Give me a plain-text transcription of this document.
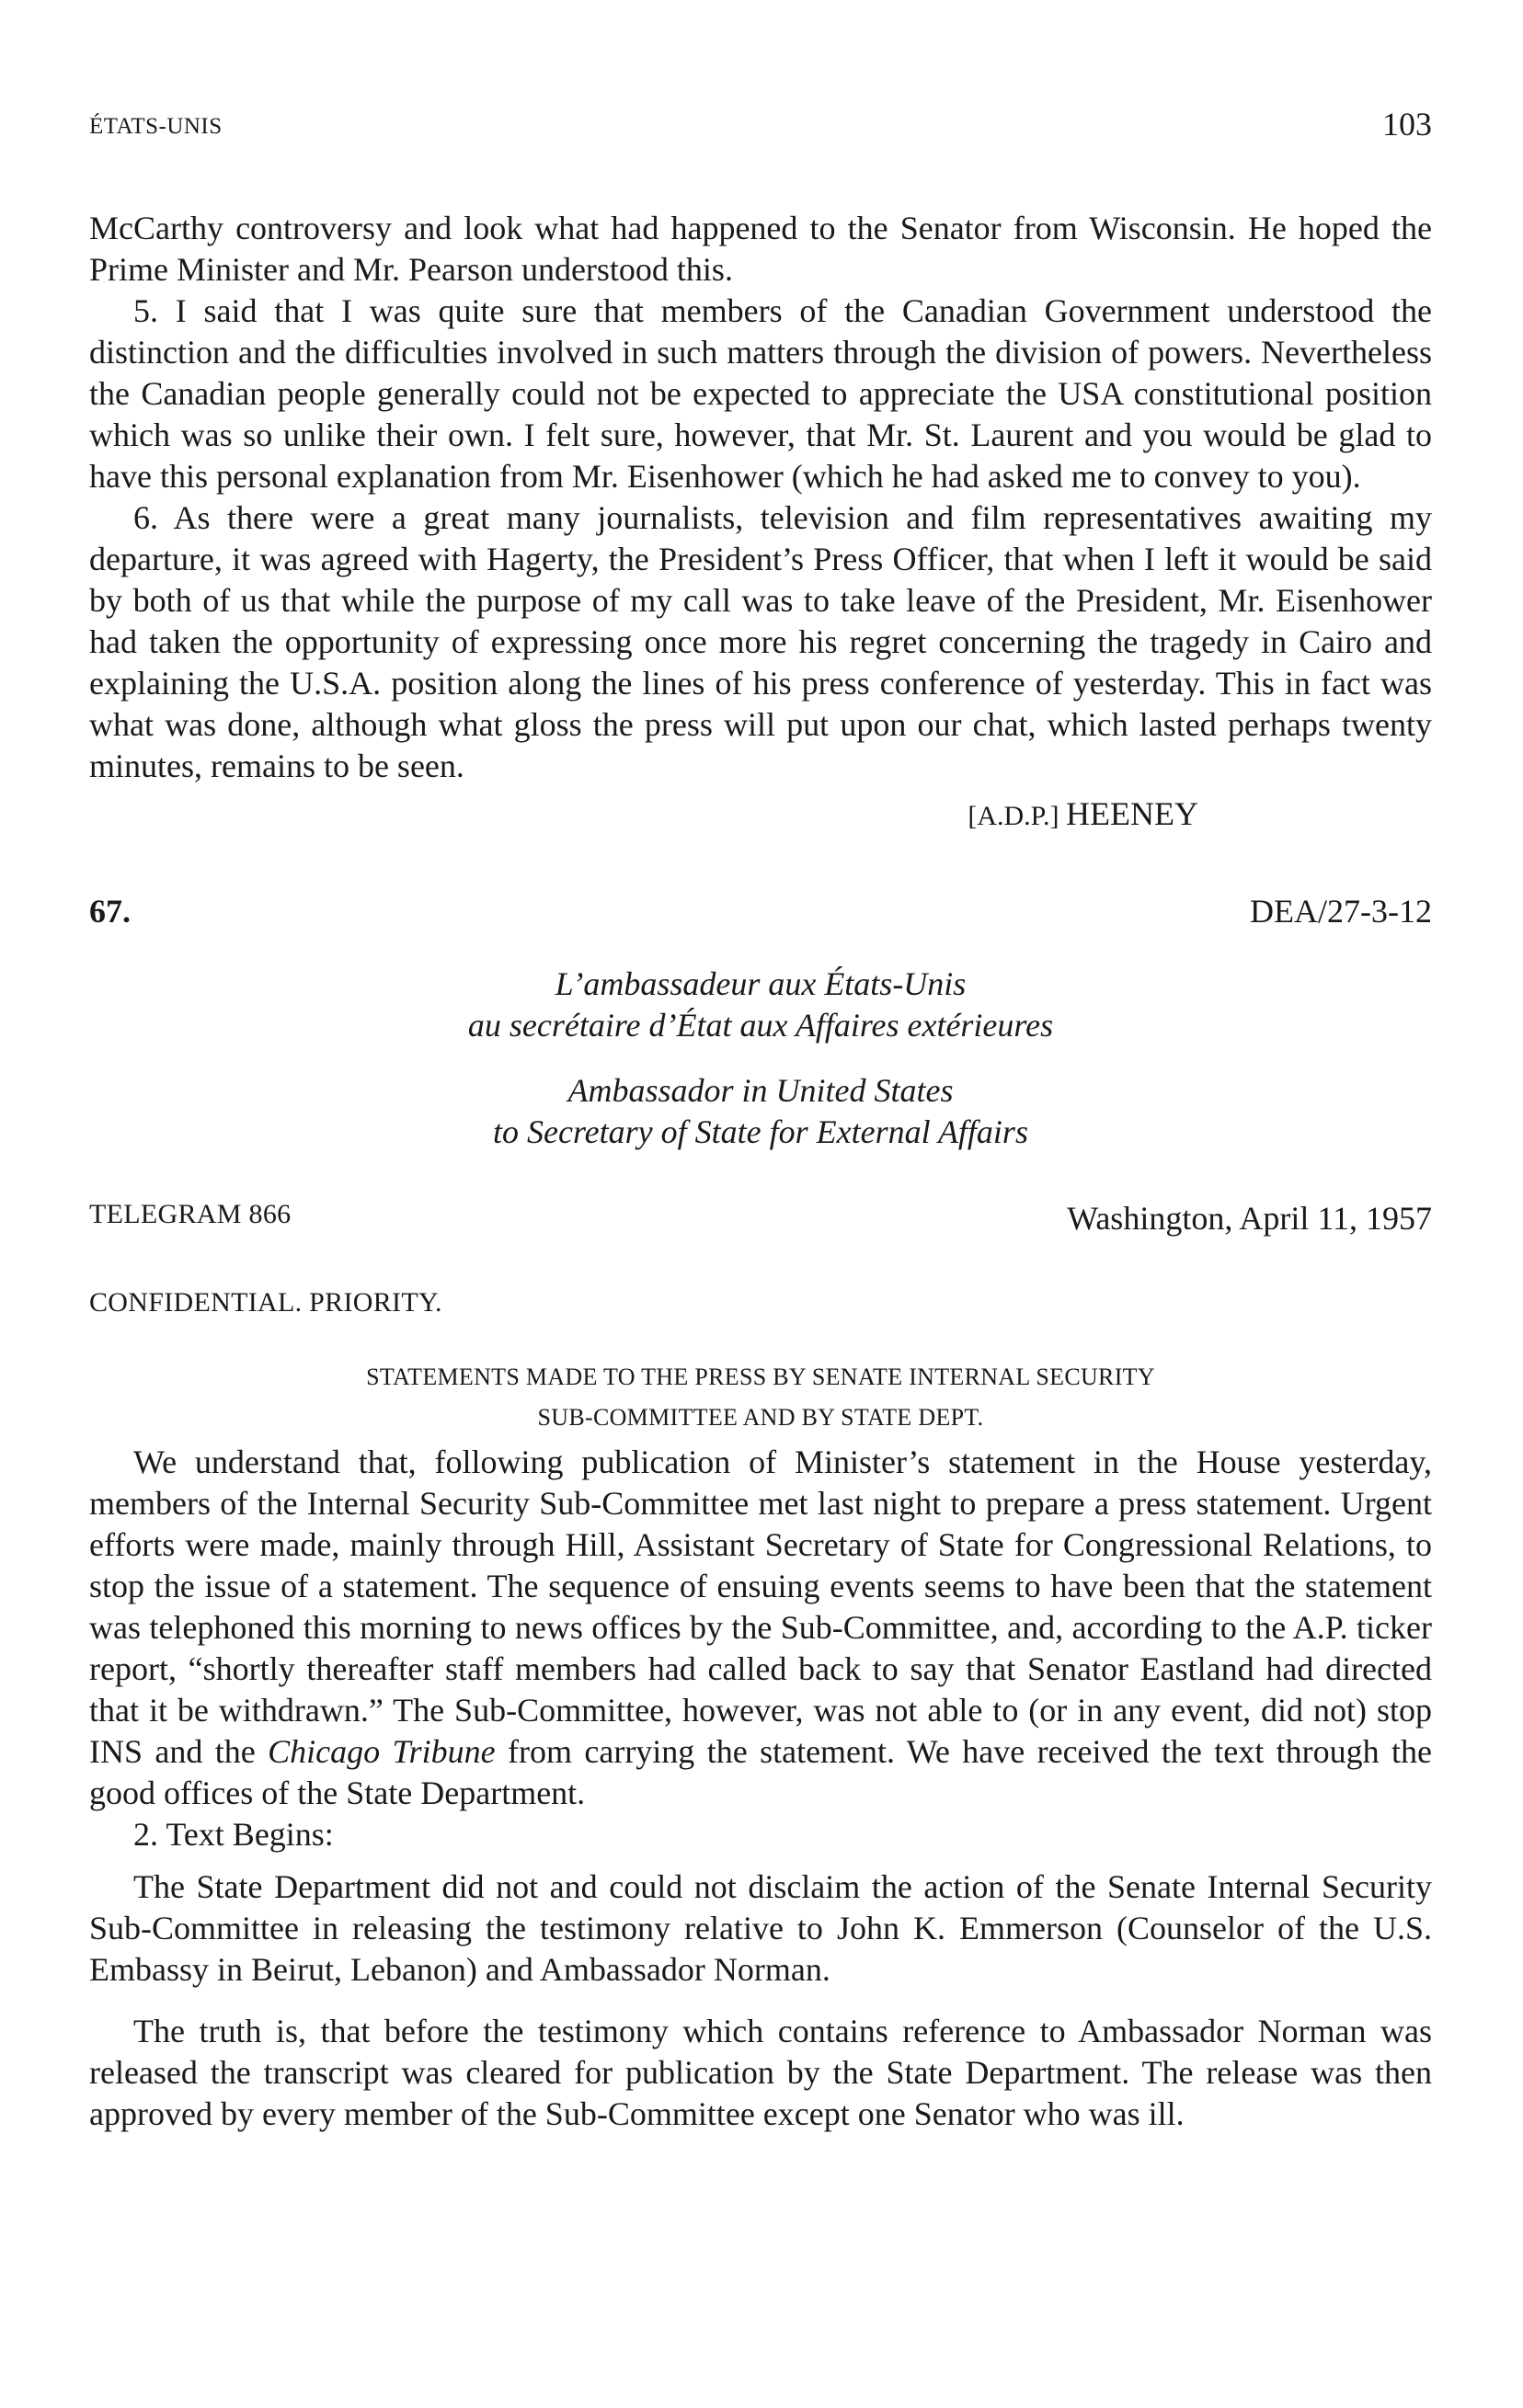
ÉTATS-UNIS	103

McCarthy controversy and look what had happened to the Senator from Wisconsin. He hoped the Prime Minister and Mr. Pearson understood this.

5. I said that I was quite sure that members of the Canadian Government understood the distinction and the difficulties involved in such matters through the division of powers. Nevertheless the Canadian people generally could not be expected to appreciate the USA constitutional position which was so unlike their own. I felt sure, however, that Mr. St. Laurent and you would be glad to have this personal explanation from Mr. Eisenhower (which he had asked me to convey to you).

6. As there were a great many journalists, television and film representatives awaiting my departure, it was agreed with Hagerty, the President’s Press Officer, that when I left it would be said by both of us that while the purpose of my call was to take leave of the President, Mr. Eisenhower had taken the opportunity of expressing once more his regret concerning the tragedy in Cairo and explaining the U.S.A. position along the lines of his press conference of yesterday. This in fact was what was done, although what gloss the press will put upon our chat, which lasted perhaps twenty minutes, remains to be seen.

[A.D.P.] HEENEY
67.	DEA/27-3-12
L’ambassadeur aux États-Unis
au secrétaire d’État aux Affaires extérieures
Ambassador in United States
to Secretary of State for External Affairs
TELEGRAM 866	Washington, April 11, 1957
CONFIDENTIAL. PRIORITY.
STATEMENTS MADE TO THE PRESS BY SENATE INTERNAL SECURITY
SUB-COMMITTEE AND BY STATE DEPT.

We understand that, following publication of Minister’s statement in the House yesterday, members of the Internal Security Sub-Committee met last night to prepare a press statement. Urgent efforts were made, mainly through Hill, Assistant Secretary of State for Congressional Relations, to stop the issue of a statement. The sequence of ensuing events seems to have been that the statement was telephoned this morning to news offices by the Sub-Committee, and, according to the A.P. ticker report, “shortly thereafter staff members had called back to say that Senator Eastland had directed that it be withdrawn.” The Sub-Committee, however, was not able to (or in any event, did not) stop INS and the Chicago Tribune from carrying the statement. We have received the text through the good offices of the State Department.

2. Text Begins:

The State Department did not and could not disclaim the action of the Senate Internal Security Sub-Committee in releasing the testimony relative to John K. Emmerson (Counselor of the U.S. Embassy in Beirut, Lebanon) and Ambassador Norman.

The truth is, that before the testimony which contains reference to Ambassador Norman was released the transcript was cleared for publication by the State Department. The release was then approved by every member of the Sub-Committee except one Senator who was ill.
